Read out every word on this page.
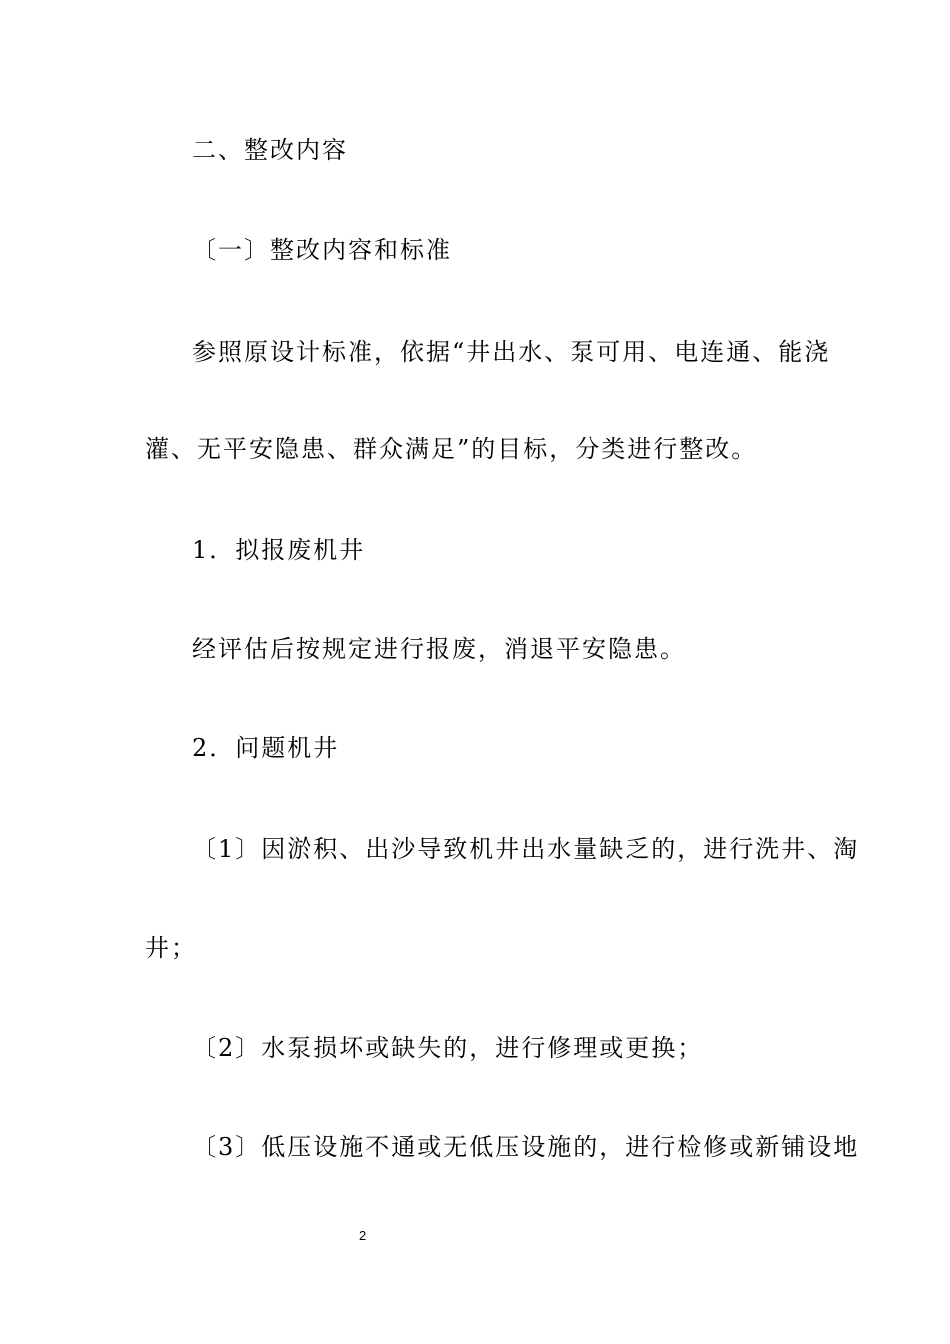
二、整改内容
〔一〕整改内容和标准
参照原设计标准，依据“井出水、泵可用、电连通、能浇
灌、无平安隐患、群众满足”的目标，分类进行整改。
1．拟报废机井
经评估后按规定进行报废，消退平安隐患。
2．问题机井
〔1〕因淤积、出沙导致机井出水量缺乏的，进行洗井、淘
井；
〔2〕水泵损坏或缺失的，进行修理或更换；
〔3〕低压设施不通或无低压设施的，进行检修或新铺设地
2
